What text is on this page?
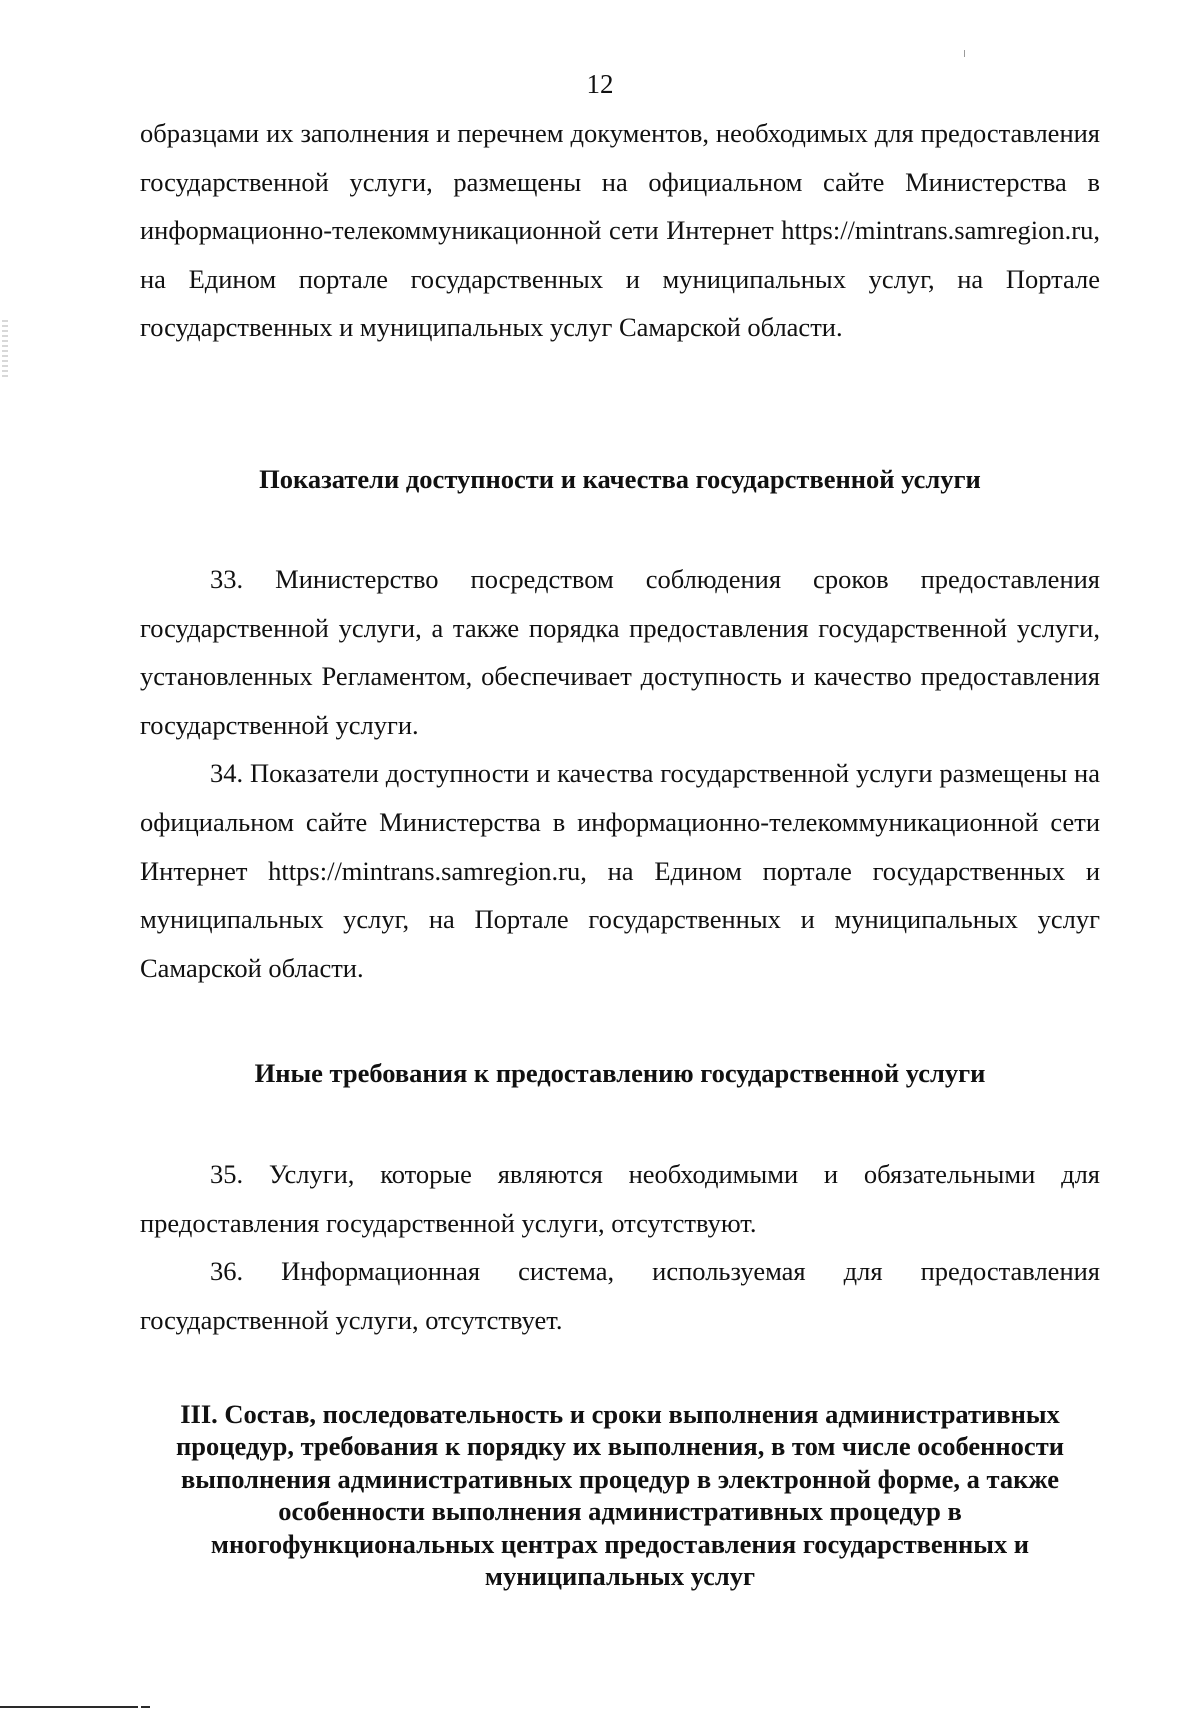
12

образцами их заполнения и перечнем документов, необходимых для предоставления государственной услуги, размещены на официальном сайте Министерства в информационно-телекоммуникационной сети Интернет https://mintrans.samregion.ru, на Едином портале государственных и муниципальных услуг, на Портале государственных и муниципальных услуг Самарской области.

Показатели доступности и качества государственной услуги

33. Министерство посредством соблюдения сроков предоставления государственной услуги, а также порядка предоставления государственной услуги, установленных Регламентом, обеспечивает доступность и качество предоставления государственной услуги.

34. Показатели доступности и качества государственной услуги размещены на официальном сайте Министерства в информационно-телекоммуникационной сети Интернет https://mintrans.samregion.ru, на Едином портале государственных и муниципальных услуг, на Портале государственных и муниципальных услуг Самарской области.

Иные требования к предоставлению государственной услуги

35. Услуги, которые являются необходимыми и обязательными для предоставления государственной услуги, отсутствуют.

36. Информационная система, используемая для предоставления государственной услуги, отсутствует.

III. Состав, последовательность и сроки выполнения административных
процедур, требования к порядку их выполнения, в том числе особенности
выполнения административных процедур в электронной форме, а также
особенности выполнения административных процедур в
многофункциональных центрах предоставления государственных и
муниципальных услуг
